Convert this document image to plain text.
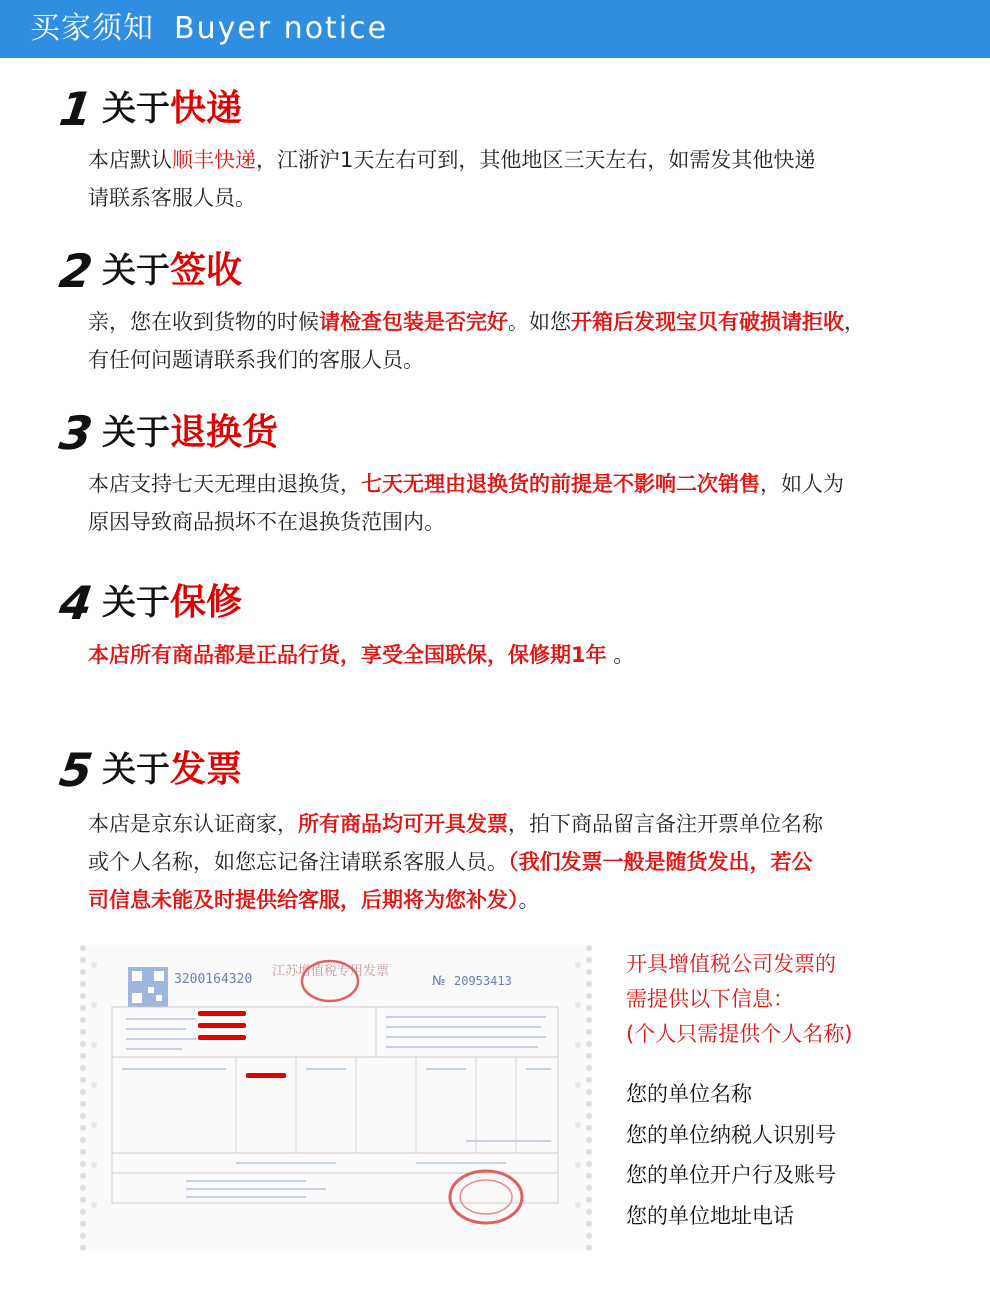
买家须知 Buyer notice
1 关于快递
本店默认顺丰快递，江浙沪1天左右可到，其他地区三天左右，如需发其他快递
请联系客服人员。
2 关于签收
亲，您在收到货物的时候请检查包装是否完好。如您开箱后发现宝贝有破损请拒收，
有任何问题请联系我们的客服人员。
3 关于退换货
本店支持七天无理由退换货，七天无理由退换货的前提是不影响二次销售，如人为
原因导致商品损坏不在退换货范围内。
4 关于保修
本店所有商品都是正品行货，享受全国联保，保修期1年 。
5 关于发票
本店是京东认证商家，所有商品均可开具发票，拍下商品留言备注开票单位名称
或个人名称，如您忘记备注请联系客服人员。（我们发票一般是随货发出，若公
司信息未能及时提供给客服，后期将为您补发）。
3200164320
江苏增值税专用发票
№ 20953413
开具增值税公司发票的
需提供以下信息：
(个人只需提供个人名称)
您的单位名称
您的单位纳税人识别号
您的单位开户行及账号
您的单位地址电话
